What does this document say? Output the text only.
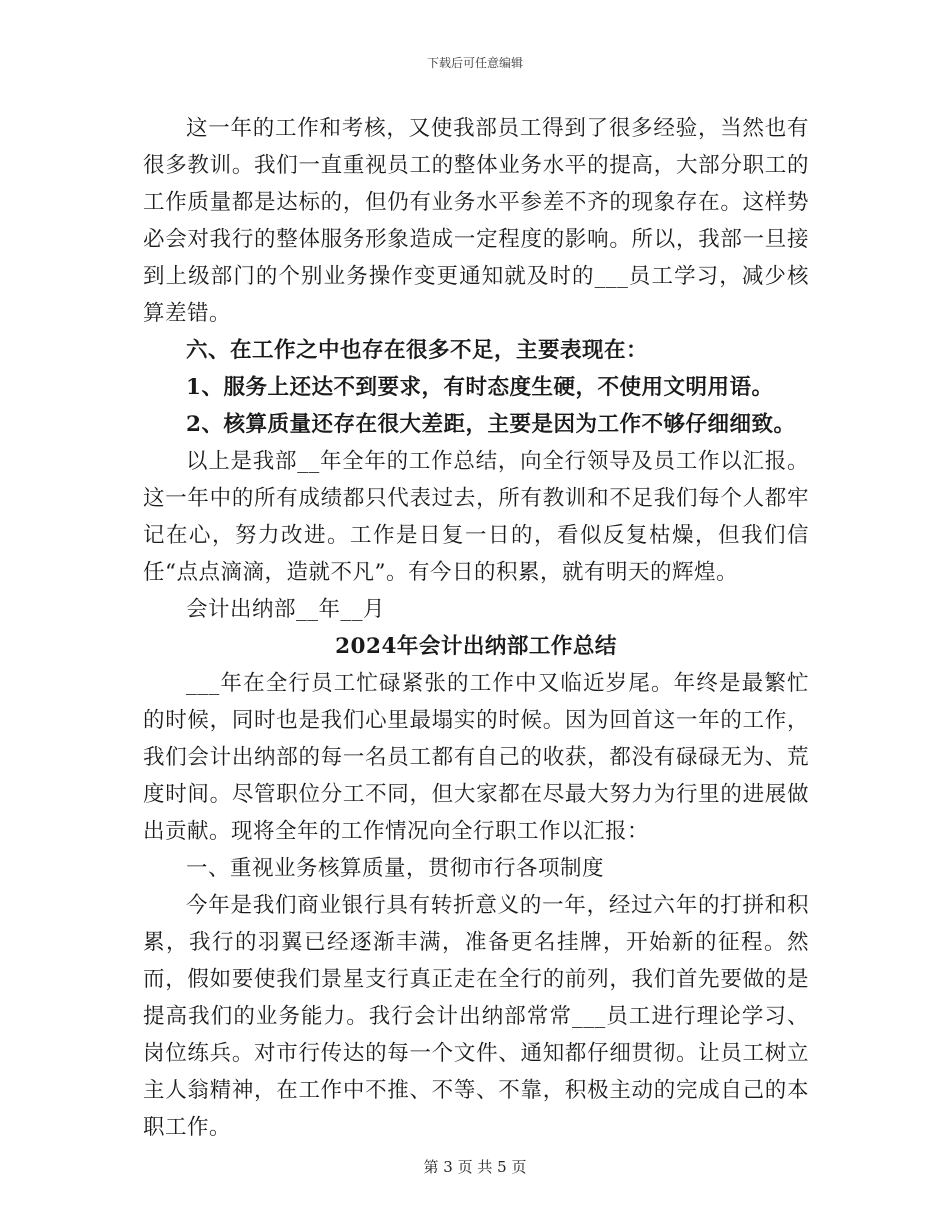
下载后可任意编辑

这一年的工作和考核，又使我部员工得到了很多经验，当然也有很多教训。我们一直重视员工的整体业务水平的提高，大部分职工的工作质量都是达标的，但仍有业务水平参差不齐的现象存在。这样势必会对我行的整体服务形象造成一定程度的影响。所以，我部一旦接到上级部门的个别业务操作变更通知就及时的___员工学习，减少核算差错。

六、在工作之中也存在很多不足，主要表现在：

1、服务上还达不到要求，有时态度生硬，不使用文明用语。

2、核算质量还存在很大差距，主要是因为工作不够仔细细致。

以上是我部__年全年的工作总结，向全行领导及员工作以汇报。这一年中的所有成绩都只代表过去，所有教训和不足我们每个人都牢记在心，努力改进。工作是日复一日的，看似反复枯燥，但我们信任“点点滴滴，造就不凡”。有今日的积累，就有明天的辉煌。

会计出纳部__年__月

2024年会计出纳部工作总结

___年在全行员工忙碌紧张的工作中又临近岁尾。年终是最繁忙的时候，同时也是我们心里最塌实的时候。因为回首这一年的工作，我们会计出纳部的每一名员工都有自己的收获，都没有碌碌无为、荒度时间。尽管职位分工不同，但大家都在尽最大努力为行里的进展做出贡献。现将全年的工作情况向全行职工作以汇报：

一、重视业务核算质量，贯彻市行各项制度

今年是我们商业银行具有转折意义的一年，经过六年的打拼和积累，我行的羽翼已经逐渐丰满，准备更名挂牌，开始新的征程。然而，假如要使我们景星支行真正走在全行的前列，我们首先要做的是提高我们的业务能力。我行会计出纳部常常___员工进行理论学习、岗位练兵。对市行传达的每一个文件、通知都仔细贯彻。让员工树立主人翁精神，在工作中不推、不等、不靠，积极主动的完成自己的本职工作。

第 3 页 共 5 页
